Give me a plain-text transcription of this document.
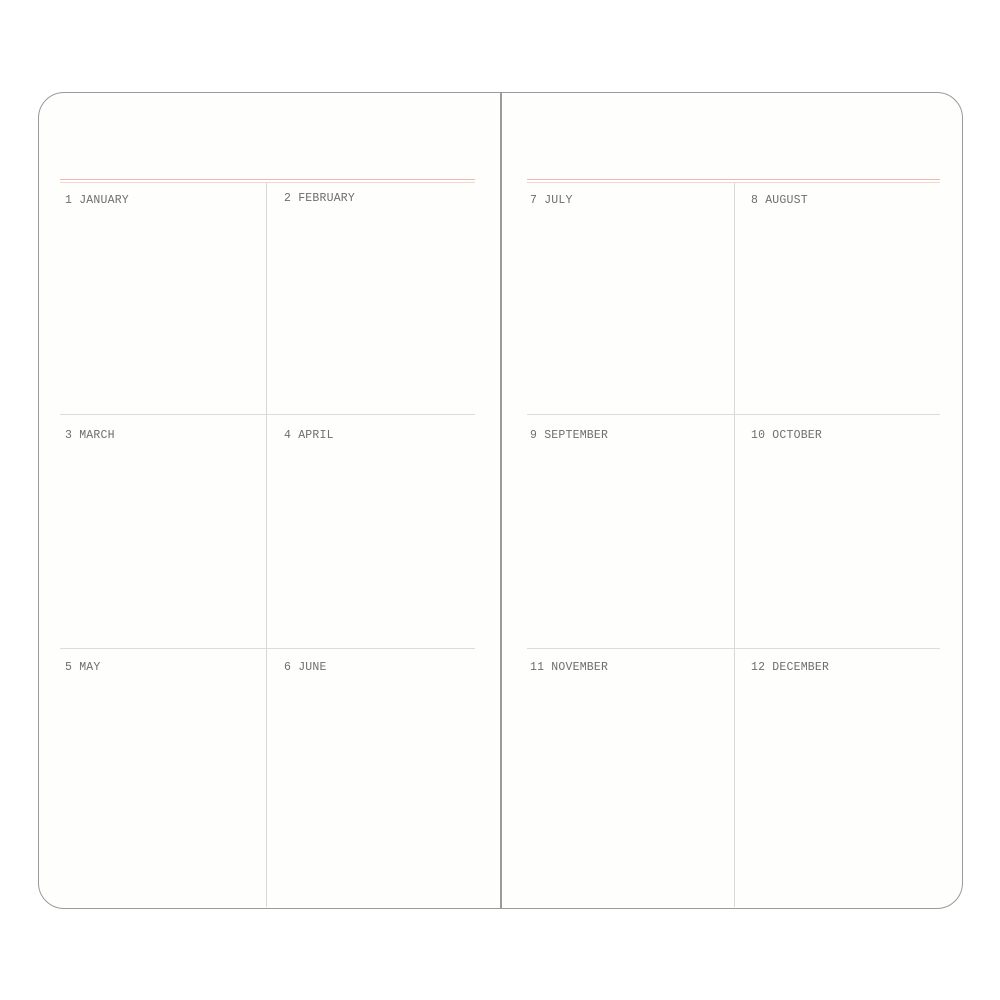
1 JANUARY	2 FEBRUARY
3 MARCH	4 APRIL
5 MAY	6 JUNE
7 JULY	8 AUGUST
9 SEPTEMBER	10 OCTOBER
11 NOVEMBER	12 DECEMBER
